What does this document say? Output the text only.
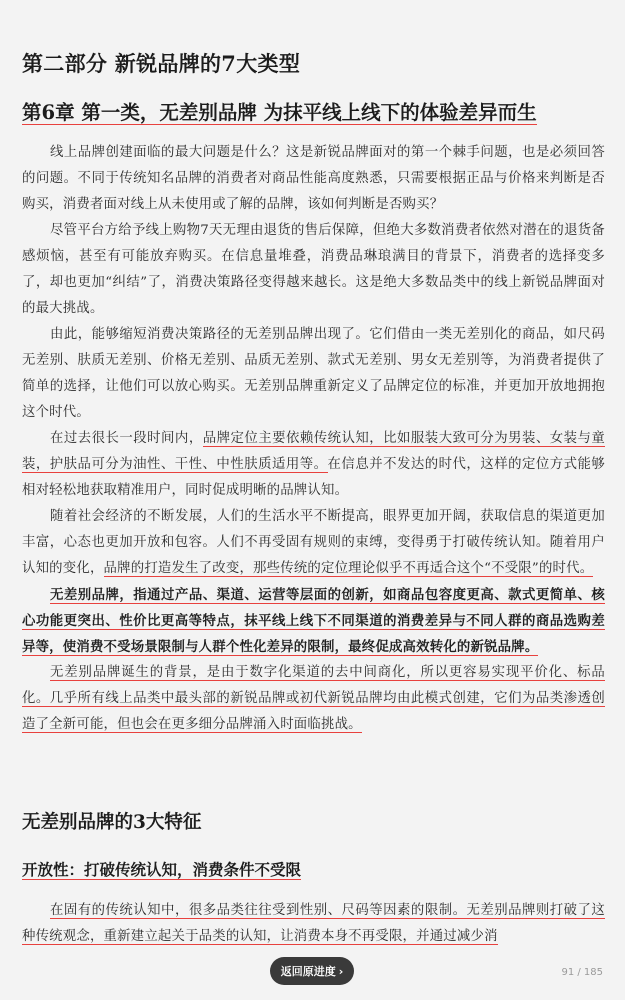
第二部分 新锐品牌的7大类型
第6章 第一类，无差别品牌 为抹平线上线下的体验差异而生

线上品牌创建面临的最大问题是什么？这是新锐品牌面对的第一个棘手问题，也是必须回答的问题。不同于传统知名品牌的消费者对商品性能高度熟悉，只需要根据正品与价格来判断是否购买，消费者面对线上从未使用或了解的品牌，该如何判断是否购买？

尽管平台方给予线上购物7天无理由退货的售后保障，但绝大多数消费者依然对潜在的退货备感烦恼，甚至有可能放弃购买。在信息量堆叠，消费品琳琅满目的背景下，消费者的选择变多了，却也更加“纠结”了，消费决策路径变得越来越长。这是绝大多数品类中的线上新锐品牌面对的最大挑战。

由此，能够缩短消费决策路径的无差别品牌出现了。它们借由一类无差别化的商品，如尺码无差别、肤质无差别、价格无差别、品质无差别、款式无差别、男女无差别等，为消费者提供了简单的选择，让他们可以放心购买。无差别品牌重新定义了品牌定位的标准，并更加开放地拥抱这个时代。

在过去很长一段时间内，品牌定位主要依赖传统认知，比如服装大致可分为男装、女装与童装，护肤品可分为油性、干性、中性肤质适用等。在信息并不发达的时代，这样的定位方式能够相对轻松地获取精准用户，同时促成明晰的品牌认知。

随着社会经济的不断发展，人们的生活水平不断提高，眼界更加开阔，获取信息的渠道更加丰富，心态也更加开放和包容。人们不再受固有规则的束缚，变得勇于打破传统认知。随着用户认知的变化，品牌的打造发生了改变，那些传统的定位理论似乎不再适合这个“不受限”的时代。

无差别品牌，指通过产品、渠道、运营等层面的创新，如商品包容度更高、款式更简单、核心功能更突出、性价比更高等特点，抹平线上线下不同渠道的消费差异与不同人群的商品选购差异等，使消费不受场景限制与人群个性化差异的限制，最终促成高效转化的新锐品牌。

无差别品牌诞生的背景，是由于数字化渠道的去中间商化，所以更容易实现平价化、标品化。几乎所有线上品类中最头部的新锐品牌或初代新锐品牌均由此模式创建，它们为品类渗透创造了全新可能，但也会在更多细分品牌涌入时面临挑战。

无差别品牌的3大特征
开放性：打破传统认知，消费条件不受限

在固有的传统认知中，很多品类往往受到性别、尺码等因素的限制。无差别品牌则打破了这种传统观念，重新建立起关于品类的认知，让消费本身不再受限，并通过减少消

返回原进度 ›	91 / 185
